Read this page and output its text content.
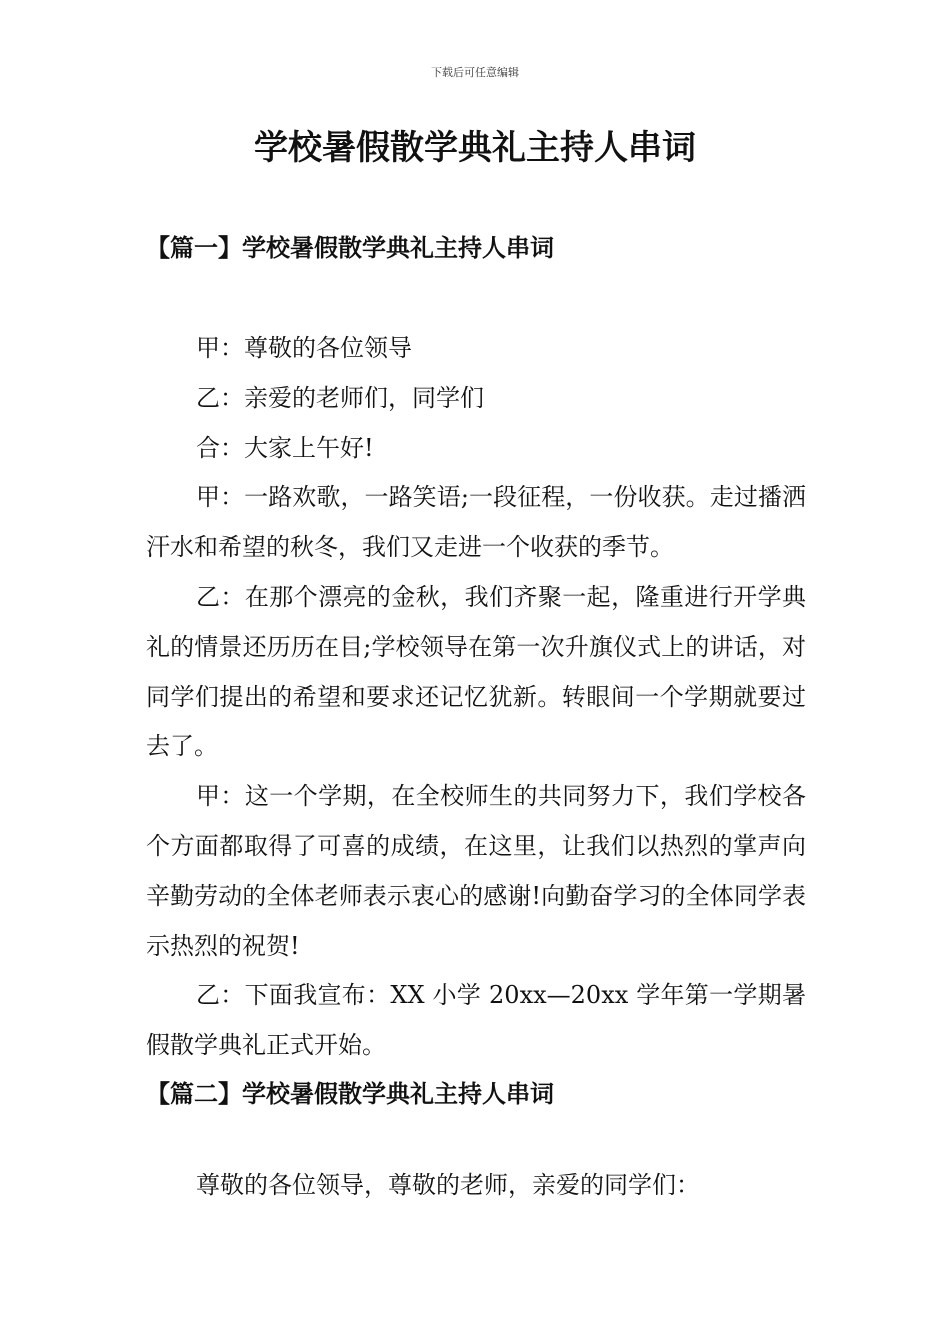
下载后可任意编辑
学校暑假散学典礼主持人串词
【篇一】学校暑假散学典礼主持人串词

甲：尊敬的各位领导

乙：亲爱的老师们，同学们

合：大家上午好!

甲：一路欢歌，一路笑语;一段征程，一份收获。走过播洒汗水和希望的秋冬，我们又走进一个收获的季节。

乙：在那个漂亮的金秋，我们齐聚一起，隆重进行开学典礼的情景还历历在目;学校领导在第一次升旗仪式上的讲话，对同学们提出的希望和要求还记忆犹新。转眼间一个学期就要过去了。

甲：这一个学期，在全校师生的共同努力下，我们学校各个方面都取得了可喜的成绩，在这里，让我们以热烈的掌声向辛勤劳动的全体老师表示衷心的感谢!向勤奋学习的全体同学表示热烈的祝贺!

乙：下面我宣布：XX 小学 20xx—20xx 学年第一学期暑假散学典礼正式开始。

【篇二】学校暑假散学典礼主持人串词

尊敬的各位领导，尊敬的老师，亲爱的同学们：
